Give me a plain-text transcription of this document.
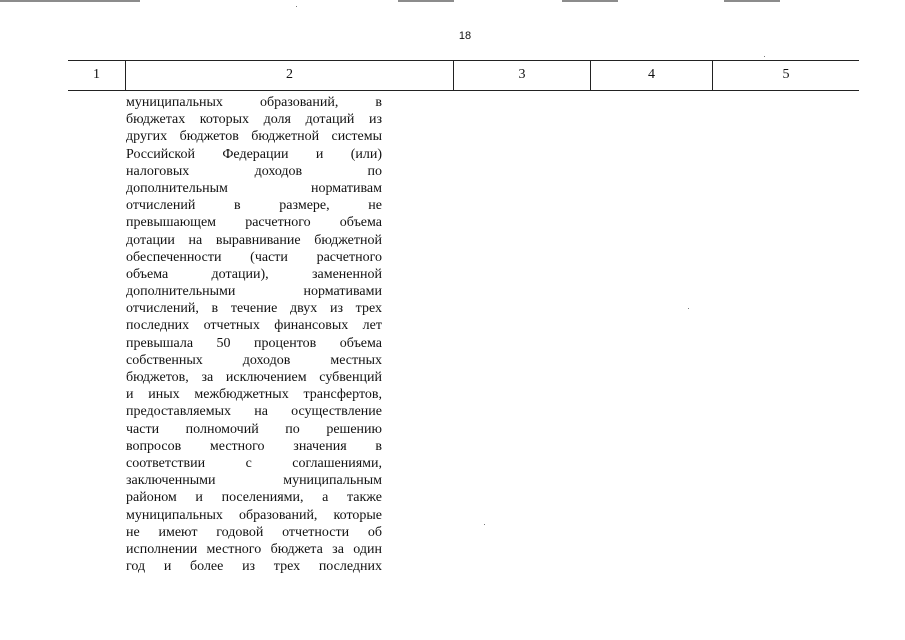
18
1	2	3	4	5
муниципальных образований, в
бюджетах которых доля дотаций из
других бюджетов бюджетной системы
Российской Федерации и (или)
налоговых доходов по
дополнительным нормативам
отчислений в размере, не
превышающем расчетного объема
дотации на выравнивание бюджетной
обеспеченности (части расчетного
объема дотации), замененной
дополнительными нормативами
отчислений, в течение двух из трех
последних отчетных финансовых лет
превышала 50 процентов объема
собственных доходов местных
бюджетов, за исключением субвенций
и иных межбюджетных трансфертов,
предоставляемых на осуществление
части полномочий по решению
вопросов местного значения в
соответствии с соглашениями,
заключенными муниципальным
районом и поселениями, а также
муниципальных образований, которые
не имеют годовой отчетности об
исполнении местного бюджета за один
год и более из трех последних
